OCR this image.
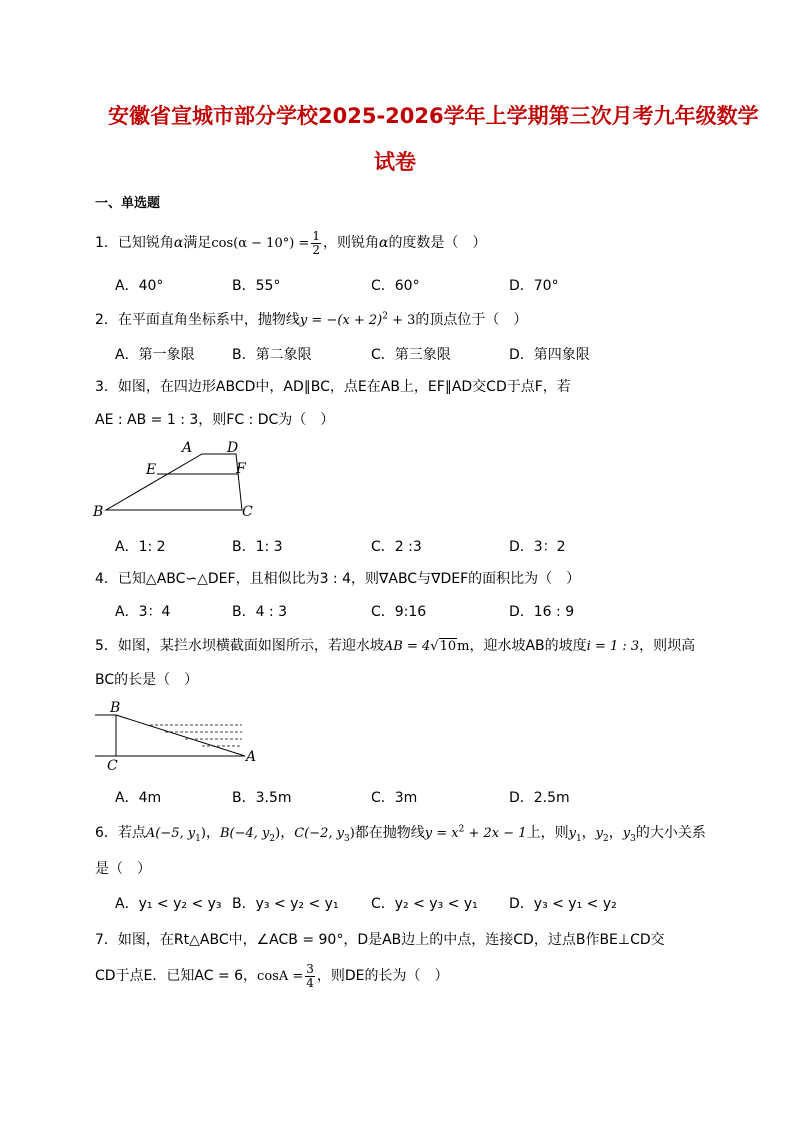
安徽省宣城市部分学校2025-2026学年上学期第三次月考九年级数学
试卷
一、单选题
1．已知锐角α满足$\cos(\alpha - 10^\circ) = \frac{1}{2}$ ，则锐角α的度数是（　）
A．40°	B．55°	C．60°	D．70°
2．在平面直角坐标系中，抛物线$y = -(x + 2)^2 + 3$的顶点位于（　）
A．第一象限	B．第二象限	C．第三象限	D．第四象限
3．如图，在四边形ABCD中，AD∥BC，点E在AB上，EF∥AD交CD于点F，若
AE : AB = 1 : 3，则FC : DC为（　）
A D
E	F
B	C
A．1: 2	B．1: 3	C．2 :3	D．3：2
4．已知△ABC∽△DEF，且相似比为3 : 4，则∇ABC与∇DEF的面积比为（　）
A．3：4	B．4 : 3	C．9:16	D．16 : 9
5．如图，某拦水坝横截面如图所示，若迎水坡AB = 4√10m，迎水坡AB的坡度i = 1 : 3，则坝高
BC的长是（　）
B
C
A
A．4m	B．3.5m	C．3m	D．2.5m
6．若点A(−5, $y_1$)，B(−4, $y_2$)，C(−2, $y_3$)都在抛物线$y = x^2 + 2x - 1$上，则$y_1$，$y_2$，$y_3$的大小关系
是（　）
A．y₁ < y₂ < y₃ B．y₃ < y₂ < y₁ C．y₂ < y₃ < y₁ D．y₃ < y₁ < y₂
7．如图，在Rt△ABC中，∠ACB = 90°，D是AB边上的中点，连接CD，过点B作BE⊥CD交
CD于点E．已知AC = 6，$\cos A = \frac{3}{4}$ ，则DE的长为（　）
